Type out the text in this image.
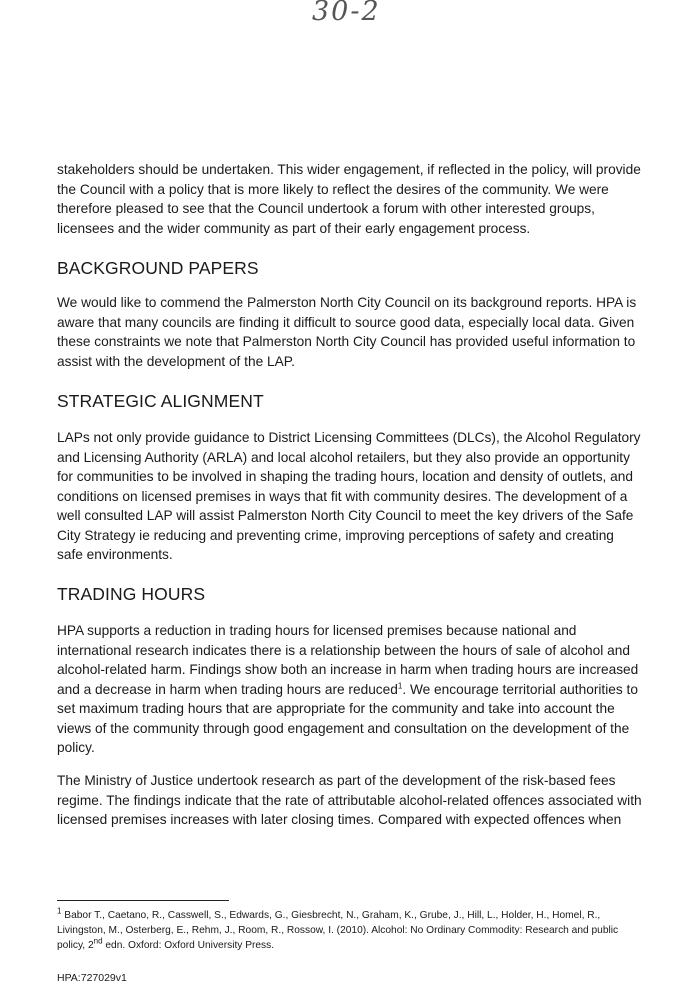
30-2

stakeholders should be undertaken. This wider engagement, if reflected in the policy, will provide the Council with a policy that is more likely to reflect the desires of the community. We were therefore pleased to see that the Council undertook a forum with other interested groups, licensees and the wider community as part of their early engagement process.

BACKGROUND PAPERS

We would like to commend the Palmerston North City Council on its background reports. HPA is aware that many councils are finding it difficult to source good data, especially local data. Given these constraints we note that Palmerston North City Council has provided useful information to assist with the development of the LAP.

STRATEGIC ALIGNMENT

LAPs not only provide guidance to District Licensing Committees (DLCs), the Alcohol Regulatory and Licensing Authority (ARLA) and local alcohol retailers, but they also provide an opportunity for communities to be involved in shaping the trading hours, location and density of outlets, and conditions on licensed premises in ways that fit with community desires. The development of a well consulted LAP will assist Palmerston North City Council to meet the key drivers of the Safe City Strategy ie reducing and preventing crime, improving perceptions of safety and creating safe environments.

TRADING HOURS

HPA supports a reduction in trading hours for licensed premises because national and international research indicates there is a relationship between the hours of sale of alcohol and alcohol-related harm. Findings show both an increase in harm when trading hours are increased and a decrease in harm when trading hours are reduced$^1$. We encourage territorial authorities to set maximum trading hours that are appropriate for the community and take into account the views of the community through good engagement and consultation on the development of the policy.

The Ministry of Justice undertook research as part of the development of the risk-based fees regime. The findings indicate that the rate of attributable alcohol-related offences associated with licensed premises increases with later closing times. Compared with expected offences when

$^1$ Babor T., Caetano, R., Casswell, S., Edwards, G., Giesbrecht, N., Graham, K., Grube, J., Hill, L., Holder, H., Homel, R., Livingston, M., Osterberg, E., Rehm, J., Room, R., Rossow, I. (2010). Alcohol: No Ordinary Commodity: Research and public policy, 2nd edn. Oxford: Oxford University Press.
HPA:727029v1
